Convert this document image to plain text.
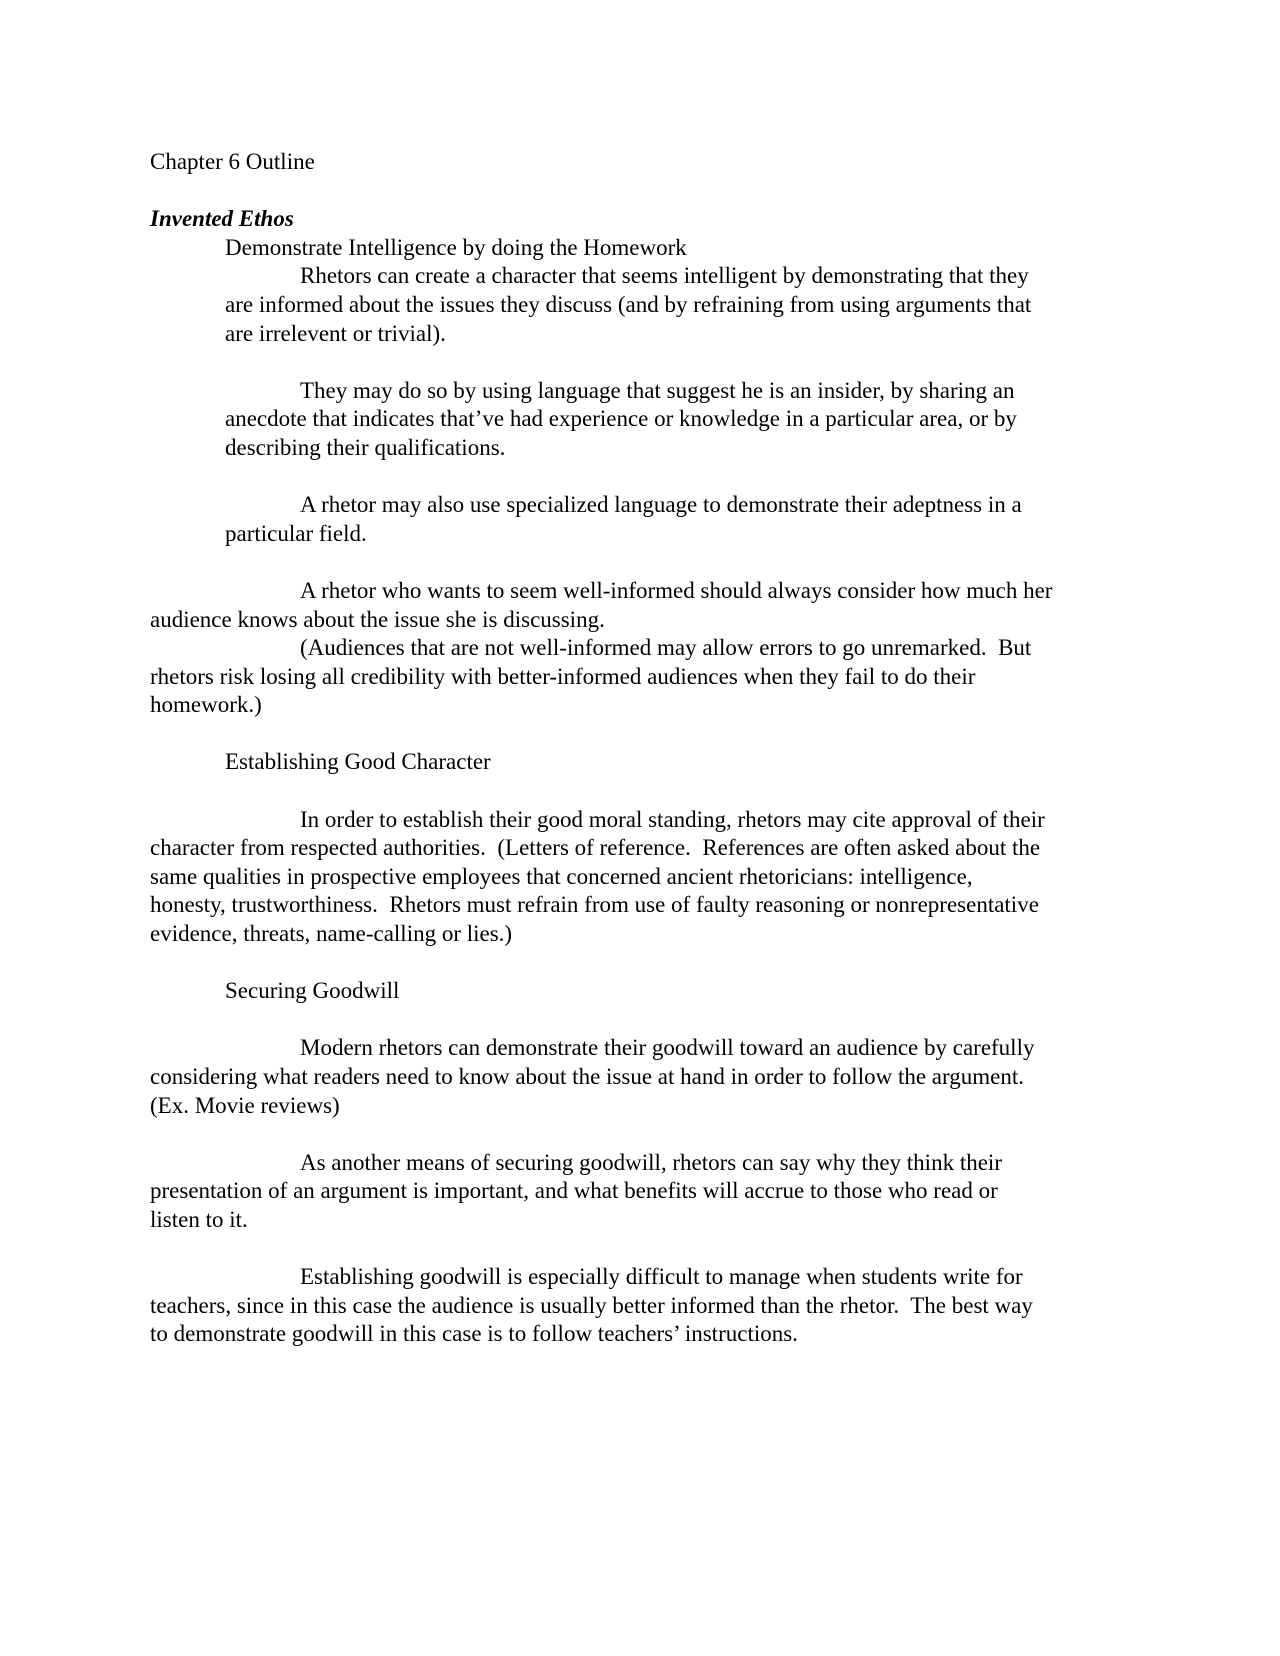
Chapter 6 Outline
Invented Ethos
Demonstrate Intelligence by doing the Homework
Rhetors can create a character that seems intelligent by demonstrating that they
are informed about the issues they discuss (and by refraining from using arguments that
are irrelevent or trivial).
They may do so by using language that suggest he is an insider, by sharing an
anecdote that indicates that’ve had experience or knowledge in a particular area, or by
describing their qualifications.
A rhetor may also use specialized language to demonstrate their adeptness in a
particular field.
A rhetor who wants to seem well-informed should always consider how much her
audience knows about the issue she is discussing.
(Audiences that are not well-informed may allow errors to go unremarked.  But
rhetors risk losing all credibility with better-informed audiences when they fail to do their
homework.)
Establishing Good Character
In order to establish their good moral standing, rhetors may cite approval of their
character from respected authorities.  (Letters of reference.  References are often asked about the
same qualities in prospective employees that concerned ancient rhetoricians: intelligence,
honesty, trustworthiness.  Rhetors must refrain from use of faulty reasoning or nonrepresentative
evidence, threats, name-calling or lies.)
Securing Goodwill
Modern rhetors can demonstrate their goodwill toward an audience by carefully
considering what readers need to know about the issue at hand in order to follow the argument.
(Ex. Movie reviews)
As another means of securing goodwill, rhetors can say why they think their
presentation of an argument is important, and what benefits will accrue to those who read or
listen to it.
Establishing goodwill is especially difficult to manage when students write for
teachers, since in this case the audience is usually better informed than the rhetor.  The best way
to demonstrate goodwill in this case is to follow teachers’ instructions.
